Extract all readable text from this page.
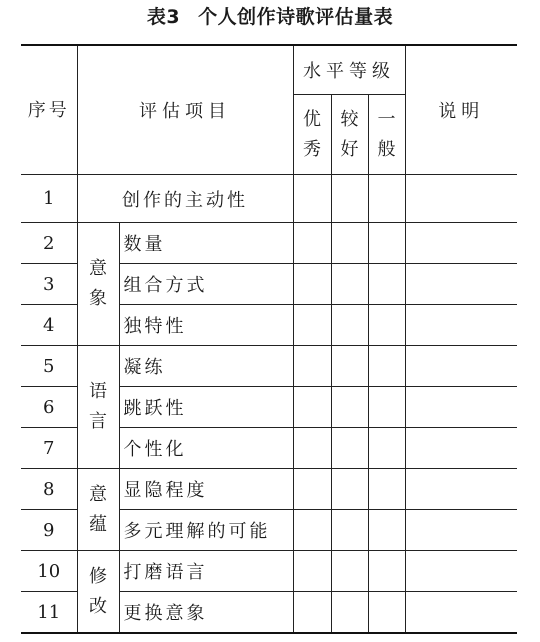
表3 个人创作诗歌评估量表
序号	评估项目		水平等级			说明
			优秀	较好	一般	
1	创作的主动性					
2	意象	数量				
3		组合方式				
4		独特性				
5	语言	凝练				
6		跳跃性				
7		个性化				
8	意蕴	显隐程度				
9		多元理解的可能				
10	修改	打磨语言				
11		更换意象				
